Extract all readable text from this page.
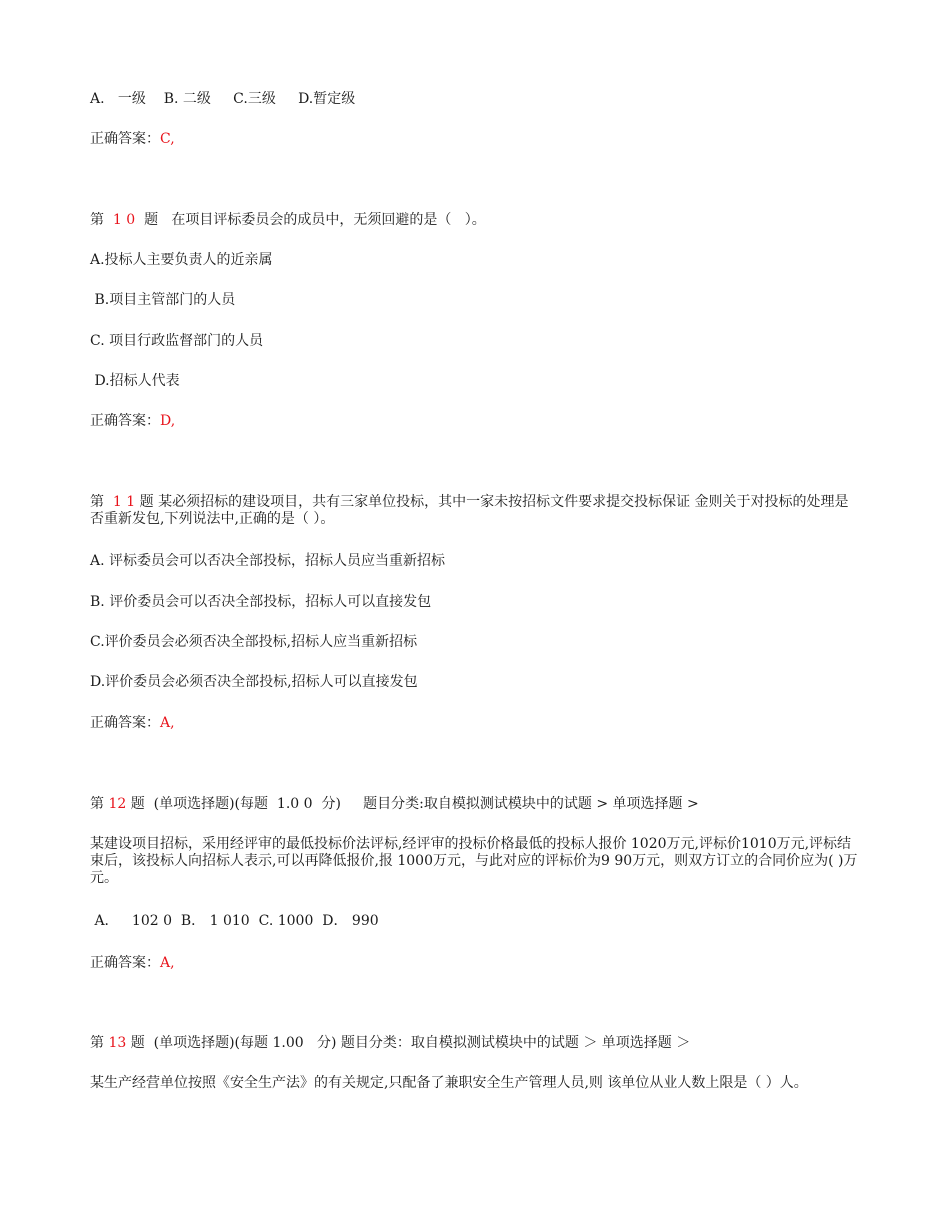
A.   一级    B. 二级     C.三级     D.暂定级
正确答案：C,
第  1 0  题   在项目评标委员会的成员中，无须回避的是（   ）。
A.投标人主要负责人的近亲属
B.项目主管部门的人员
C. 项目行政监督部门的人员
D.招标人代表
正确答案：D,
第  1 1 题 某必须招标的建设项目，共有三家单位投标，其中一家未按招标文件要求提交投标保证 金则关于对投标的处理是否重新发包,下列说法中,正确的是（ ）。
A. 评标委员会可以否决全部投标，招标人员应当重新招标
B. 评价委员会可以否决全部投标，招标人可以直接发包
C.评价委员会必须否决全部投标,招标人应当重新招标
D.评价委员会必须否决全部投标,招标人可以直接发包
正确答案：A,
第 12 题  (单项选择题)(每题  1.0 0  分)     题目分类:取自模拟测试模块中的试题 > 单项选择题 >
某建设项目招标，采用经评审的最低投标价法评标,经评审的投标价格最低的投标人报价 1020万元,评标价1010万元,评标结束后，该投标人向招标人表示,可以再降低报价,报 1000万元，与此对应的评标价为9 90万元，则双方订立的合同价应为( )万元。
A．   102 0  B． 1 010  C. 1000  D． 990
正确答案：A,
第 13 题  (单项选择题)(每题 1.00   分) 题目分类：取自模拟测试模块中的试题 ＞ 单项选择题 ＞
某生产经营单位按照《安全生产法》的有关规定,只配备了兼职安全生产管理人员,则 该单位从业人数上限是（ ）人。
